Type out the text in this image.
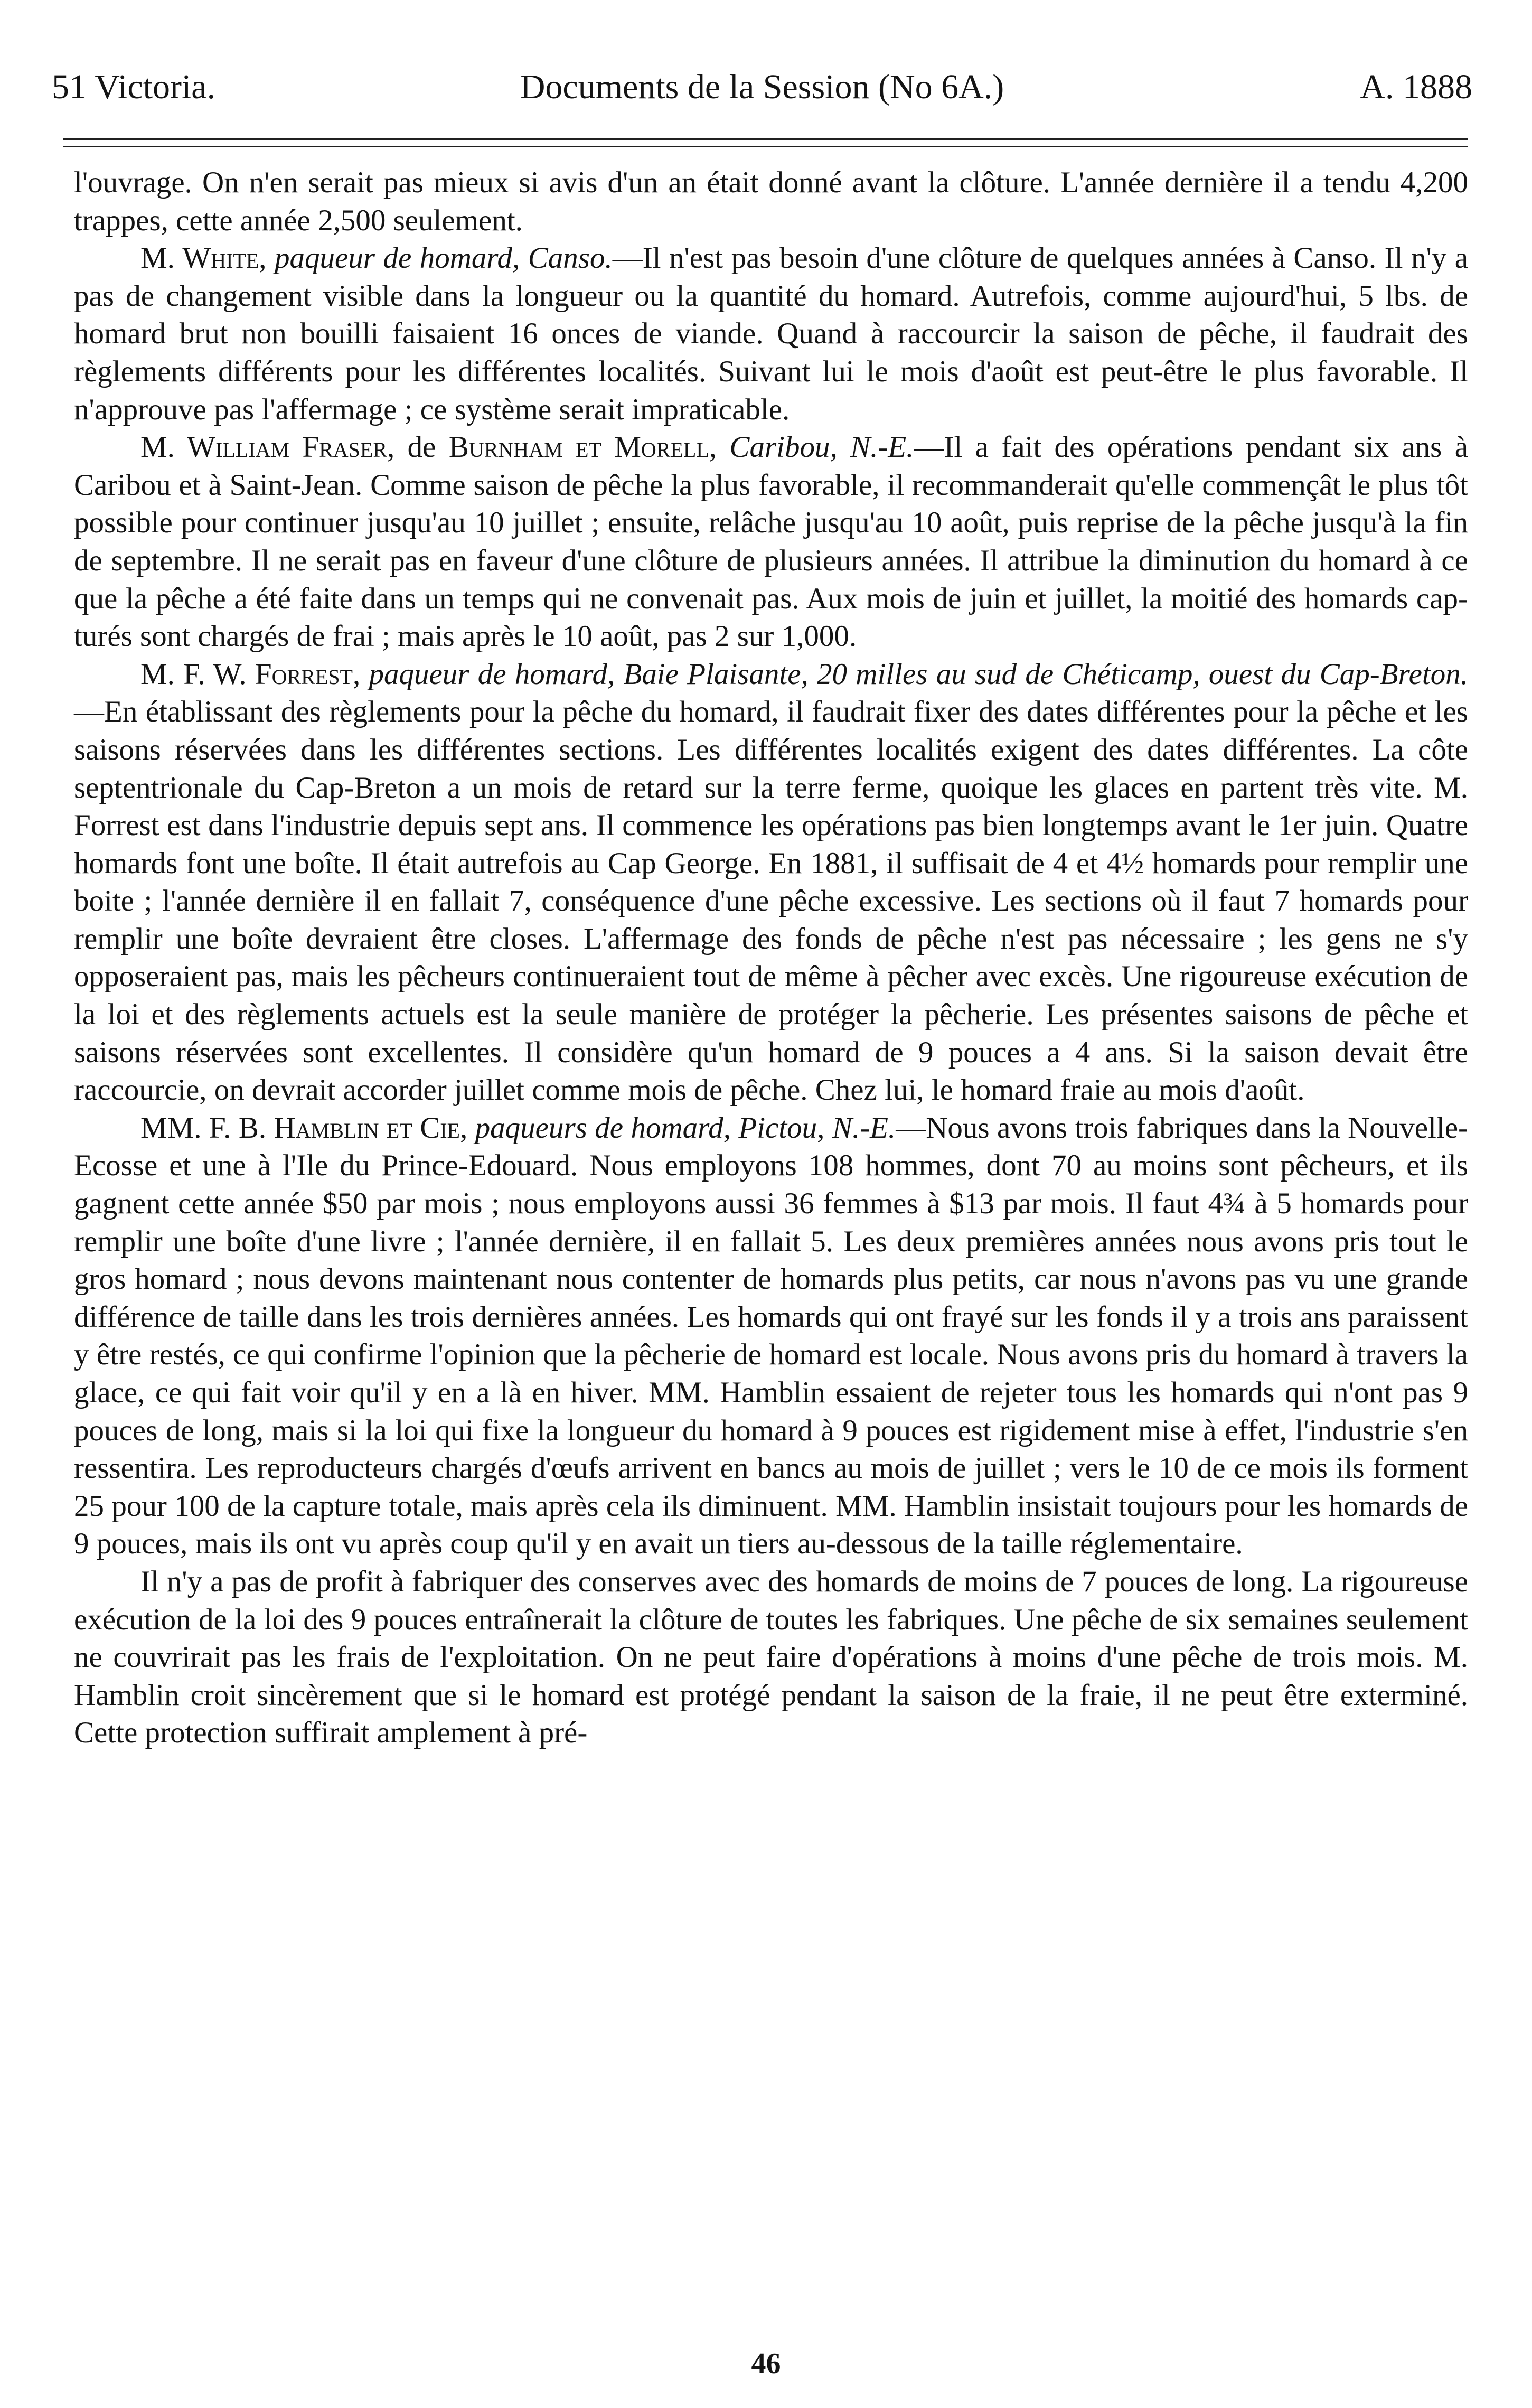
51 Victoria.	Documents de la Session (No 6A.)	A. 1888

l'ouvrage. On n'en serait pas mieux si avis d'un an était donné avant la clôture. L'année dernière il a tendu 4,200 trappes, cette année 2,500 seulement.

M. White, paqueur de homard, Canso.—Il n'est pas besoin d'une clôture de quelques années à Canso. Il n'y a pas de changement visible dans la longueur ou la quantité du homard. Autrefois, comme aujourd'hui, 5 lbs. de homard brut non bouilli faisaient 16 onces de viande. Quand à raccourcir la saison de pêche, il faudrait des règlements différents pour les différentes localités. Suivant lui le mois d'août est peut-être le plus favorable. Il n'approuve pas l'affermage ; ce système serait impraticable.

M. William Fraser, de Burnham et Morell, Caribou, N.-E.—Il a fait des opérations pendant six ans à Caribou et à Saint-Jean. Comme saison de pêche la plus favorable, il recommanderait qu'elle commençât le plus tôt possible pour continuer jusqu'au 10 juillet ; ensuite, relâche jusqu'au 10 août, puis reprise de la pêche jusqu'à la fin de septembre. Il ne serait pas en faveur d'une clôture de plusieurs années. Il attribue la diminution du homard à ce que la pêche a été faite dans un temps qui ne convenait pas. Aux mois de juin et juillet, la moitié des homards capturés sont chargés de frai ; mais après le 10 août, pas 2 sur 1,000.

M. F. W. Forrest, paqueur de homard, Baie Plaisante, 20 milles au sud de Chéticamp, ouest du Cap-Breton.—En établissant des règlements pour la pêche du homard, il faudrait fixer des dates différentes pour la pêche et les saisons réservées dans les différentes sections. Les différentes localités exigent des dates différentes. La côte septentrionale du Cap-Breton a un mois de retard sur la terre ferme, quoique les glaces en partent très vite. M. Forrest est dans l'industrie depuis sept ans. Il commence les opérations pas bien longtemps avant le 1er juin. Quatre homards font une boîte. Il était autrefois au Cap George. En 1881, il suffisait de 4 et 4½ homards pour remplir une boite ; l'année dernière il en fallait 7, conséquence d'une pêche excessive. Les sections où il faut 7 homards pour remplir une boîte devraient être closes. L'affermage des fonds de pêche n'est pas nécessaire ; les gens ne s'y opposeraient pas, mais les pêcheurs continueraient tout de même à pêcher avec excès. Une rigoureuse exécution de la loi et des règlements actuels est la seule manière de protéger la pêcherie. Les présentes saisons de pêche et saisons réservées sont excellentes. Il considère qu'un homard de 9 pouces a 4 ans. Si la saison devait être raccourcie, on devrait accorder juillet comme mois de pêche. Chez lui, le homard fraie au mois d'août.

MM. F. B. Hamblin et Cie, paqueurs de homard, Pictou, N.-E.—Nous avons trois fabriques dans la Nouvelle-Ecosse et une à l'Ile du Prince-Edouard. Nous employons 108 hommes, dont 70 au moins sont pêcheurs, et ils gagnent cette année $50 par mois ; nous employons aussi 36 femmes à $13 par mois. Il faut 4¾ à 5 homards pour remplir une boîte d'une livre ; l'année dernière, il en fallait 5. Les deux premières années nous avons pris tout le gros homard ; nous devons maintenant nous contenter de homards plus petits, car nous n'avons pas vu une grande différence de taille dans les trois dernières années. Les homards qui ont frayé sur les fonds il y a trois ans paraissent y être restés, ce qui confirme l'opinion que la pêcherie de homard est locale. Nous avons pris du homard à travers la glace, ce qui fait voir qu'il y en a là en hiver. MM. Hamblin essaient de rejeter tous les homards qui n'ont pas 9 pouces de long, mais si la loi qui fixe la longueur du homard à 9 pouces est rigidement mise à effet, l'industrie s'en ressentira. Les reproducteurs chargés d'œufs arrivent en bancs au mois de juillet ; vers le 10 de ce mois ils forment 25 pour 100 de la capture totale, mais après cela ils diminuent. MM. Hamblin insistait toujours pour les homards de 9 pouces, mais ils ont vu après coup qu'il y en avait un tiers au-dessous de la taille réglementaire.

Il n'y a pas de profit à fabriquer des conserves avec des homards de moins de 7 pouces de long. La rigoureuse exécution de la loi des 9 pouces entraînerait la clôture de toutes les fabriques. Une pêche de six semaines seulement ne couvrirait pas les frais de l'exploitation. On ne peut faire d'opérations à moins d'une pêche de trois mois. M. Hamblin croit sincèrement que si le homard est protégé pendant la saison de la fraie, il ne peut être exterminé. Cette protection suffirait amplement à pré-

46
